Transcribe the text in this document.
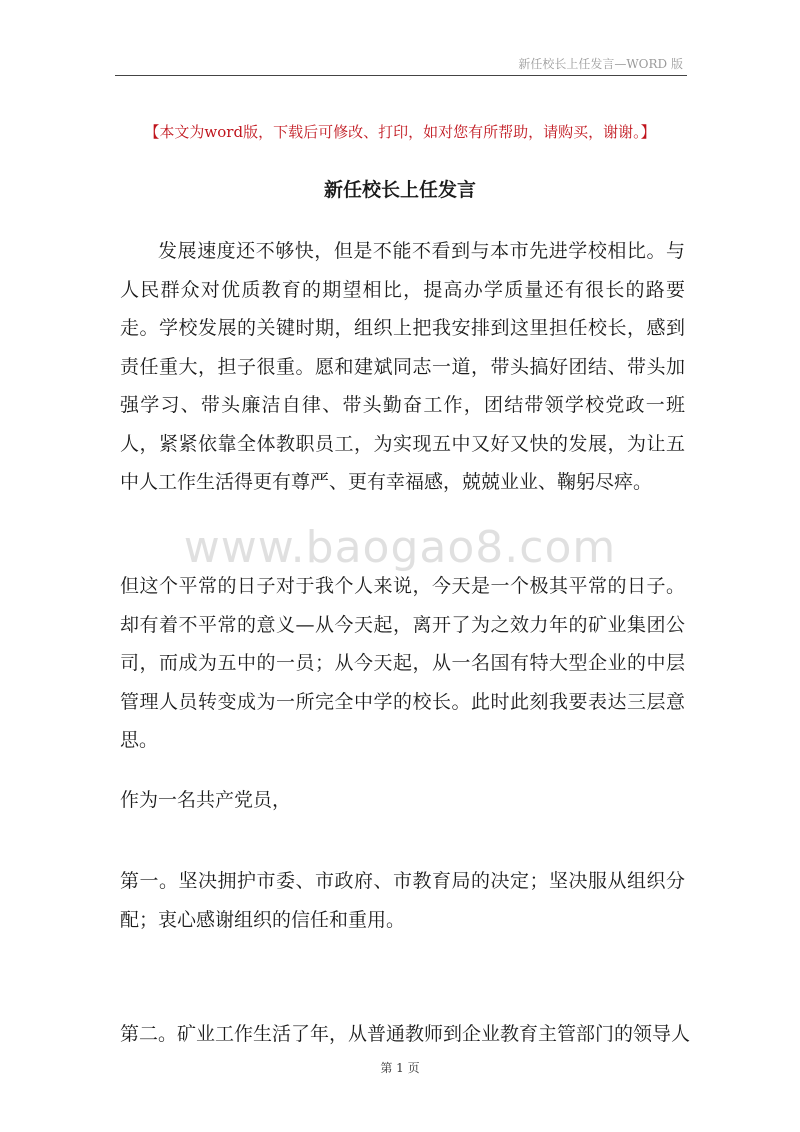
新任校长上任发言—WORD 版
【本文为word版，下载后可修改、打印，如对您有所帮助，请购买，谢谢。】
新任校长上任发言

发展速度还不够快，但是不能不看到与本市先进学校相比。与人民群众对优质教育的期望相比，提高办学质量还有很长的路要走。学校发展的关键时期，组织上把我安排到这里担任校长，感到责任重大，担子很重。愿和建斌同志一道，带头搞好团结、带头加强学习、带头廉洁自律、带头勤奋工作，团结带领学校党政一班人，紧紧依靠全体教职员工，为实现五中又好又快的发展，为让五中人工作生活得更有尊严、更有幸福感，兢兢业业、鞠躬尽瘁。

www.baogao8.com

但这个平常的日子对于我个人来说，今天是一个极其平常的日子。却有着不平常的意义—从今天起，离开了为之效力年的矿业集团公司，而成为五中的一员；从今天起，从一名国有特大型企业的中层管理人员转变成为一所完全中学的校长。此时此刻我要表达三层意思。

作为一名共产党员，

第一。坚决拥护市委、市政府、市教育局的决定；坚决服从组织分配；衷心感谢组织的信任和重用。

第二。矿业工作生活了年，从普通教师到企业教育主管部门的领导人

第 1 页
